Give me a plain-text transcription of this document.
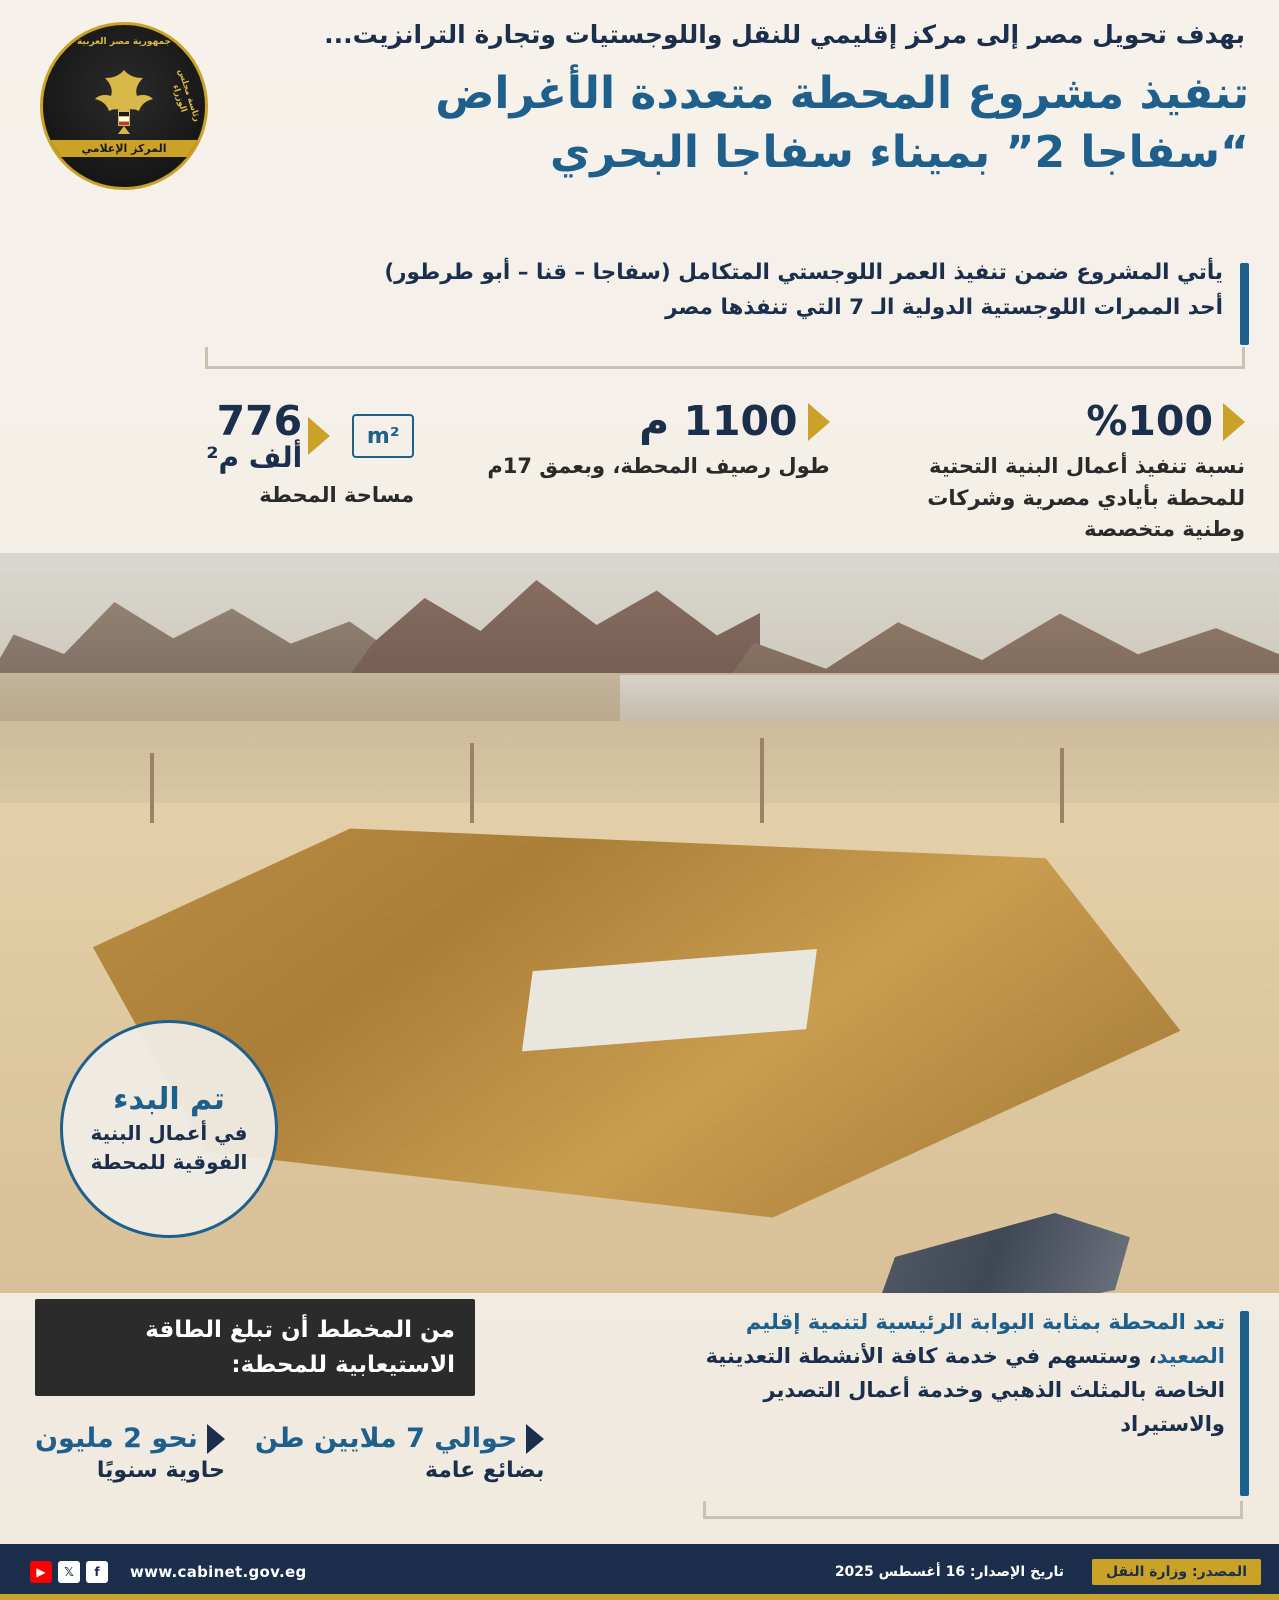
بهدف تحويل مصر إلى مركز إقليمي للنقل واللوجستيات وتجارة الترانزيت...
تنفيذ مشروع المحطة متعددة الأغراض
“سفاجا 2” بميناء سفاجا البحري
جمهورية مصر العربية
رئاسة مجلس الوزراء
المركز الإعلامي
يأتي المشروع ضمن تنفيذ العمر اللوجستي المتكامل (سفاجا – قنا – أبو طرطور)
أحد الممرات اللوجستية الدولية الـ 7 التي تنفذها مصر
%100
نسبة تنفيذ أعمال البنية التحتية للمحطة بأيادي مصرية وشركات وطنية متخصصة
1100 م
طول رصيف المحطة، وبعمق 17م
m²
776
ألف م²
مساحة المحطة
تم البدء
في أعمال البنية الفوقية للمحطة

تعد المحطة بمثابة البوابة الرئيسية لتنمية إقليم الصعيد، وستسهم في خدمة كافة الأنشطة التعدينية الخاصة بالمثلث الذهبي وخدمة أعمال التصدير والاستيراد

من المخطط أن تبلغ الطاقة الاستيعابية للمحطة:
حوالي 7 ملايين طن
بضائع عامة
نحو 2 مليون
حاوية سنويًا
المصدر: وزارة النقل
تاريخ الإصدار: 16 أغسطس 2025
www.cabinet.gov.eg
f
𝕏
▶
